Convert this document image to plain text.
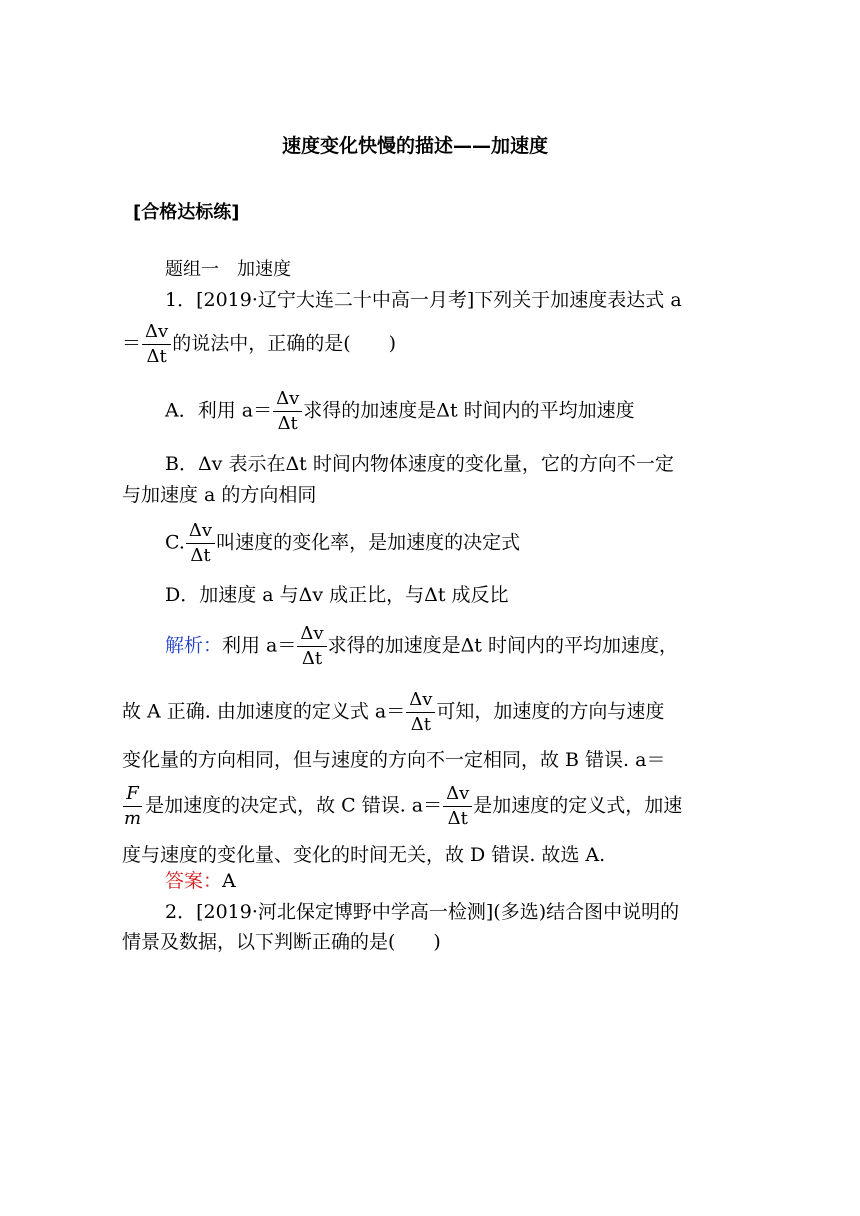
速度变化快慢的描述——加速度
[合格达标练]
题组一　加速度
1．[2019·辽宁大连二十中高一月考]下列关于加速度表达式 a
＝ $\frac{\Delta v}{\Delta t}$ 的说法中，正确的是(　　)
A．利用 $a= \frac{\Delta v}{\Delta t}$ 求得的加速度是Δt 时间内的平均加速度
B．Δv 表示在Δt 时间内物体速度的变化量，它的方向不一定
与加速度 a 的方向相同
C. $\frac{\Delta v}{\Delta t}$ 叫速度的变化率，是加速度的决定式
D．加速度 a 与Δv 成正比，与Δt 成反比
解析：利用 $a= \frac{\Delta v}{\Delta t}$ 求得的加速度是Δt 时间内的平均加速度，
故 A 正确. 由加速度的定义式 $a= \frac{\Delta v}{\Delta t}$ 可知，加速度的方向与速度
变化量的方向相同，但与速度的方向不一定相同，故 B 错误. a＝
$\frac{F}{m}$ 是加速度的决定式，故 C 错误. $a= \frac{\Delta v}{\Delta t}$ 是加速度的定义式，加速
度与速度的变化量、变化的时间无关，故 D 错误. 故选 A.
答案：A
2．[2019·河北保定博野中学高一检测](多选)结合图中说明的
情景及数据，以下判断正确的是(　　)
